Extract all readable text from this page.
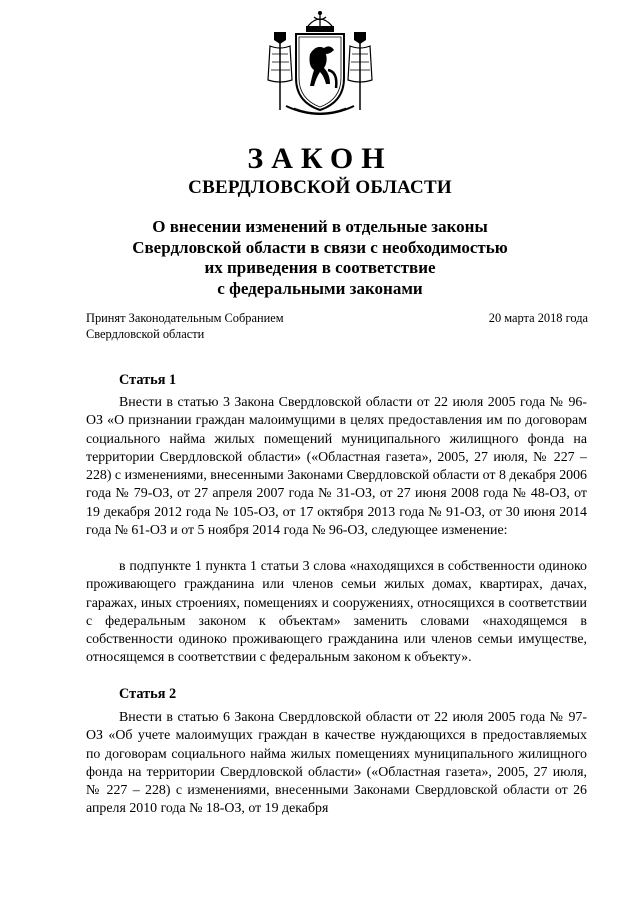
ЗАКОН
СВЕРДЛОВСКОЙ ОБЛАСТИ
О внесении изменений в отдельные законы
Свердловской области в связи с необходимостью
их приведения в соответствие
с федеральными законами
Принят Законодательным Собранием
Свердловской области
20 марта 2018 года
Статья 1

Внести в статью 3 Закона Свердловской области от 22 июля 2005 года № 96-ОЗ «О признании граждан малоимущими в целях предоставления им по договорам социального найма жилых помещений муниципального жилищного фонда на территории Свердловской области» («Областная газета», 2005, 27 июля, № 227 – 228) с изменениями, внесенными Законами Свердловской области от 8 декабря 2006 года № 79-ОЗ, от 27 апреля 2007 года № 31-ОЗ, от 27 июня 2008 года № 48-ОЗ, от 19 декабря 2012 года № 105-ОЗ, от 17 октября 2013 года № 91-ОЗ, от 30 июня 2014 года № 61-ОЗ и от 5 ноября 2014 года № 96-ОЗ, следующее изменение:

в подпункте 1 пункта 1 статьи 3 слова «находящихся в собственности одиноко проживающего гражданина или членов семьи жилых домах, квартирах, дачах, гаражах, иных строениях, помещениях и сооружениях, относящихся в соответствии с федеральным законом к объектам» заменить словами «находящемся в собственности одиноко проживающего гражданина или членов семьи имуществе, относящемся в соответствии с федеральным законом к объекту».

Статья 2

Внести в статью 6 Закона Свердловской области от 22 июля 2005 года № 97-ОЗ «Об учете малоимущих граждан в качестве нуждающихся в предоставляемых по договорам социального найма жилых помещениях муниципального жилищного фонда на территории Свердловской области» («Областная газета», 2005, 27 июля, № 227 – 228) с изменениями, внесенными Законами Свердловской области от 26 апреля 2010 года № 18-ОЗ, от 19 декабря
